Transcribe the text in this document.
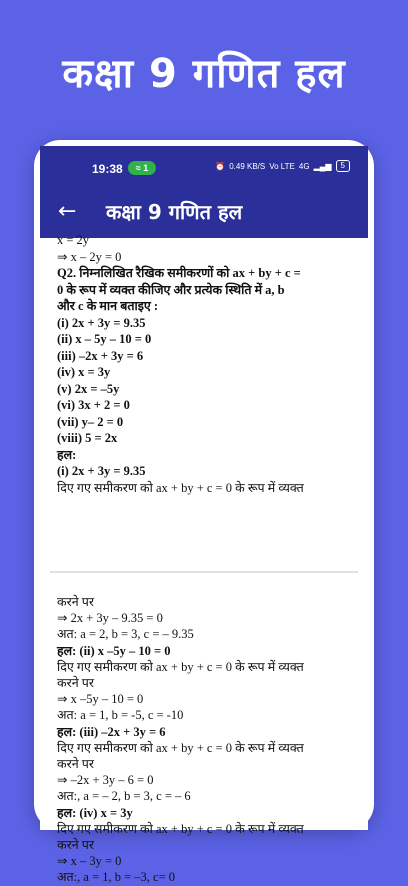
कक्षा 9 गणित हल
19:38	≈ 1	⏰ 0.49 KB/S Vo LTE 4G ▂▄▆	5
← कक्षा 9 गणित हल
x = 2y
⇒ x – 2y = 0
Q2. निम्नलिखित रैखिक समीकरणों को ax + by + c =
0 के रूप में व्यक्त कीजिए और प्रत्येक स्थिति में a, b
और c के मान बताइए :
(i) 2x + 3y = 9.35
(ii) x – 5y – 10 = 0
(iii) –2x + 3y = 6
(iv) x = 3y
(v) 2x = –5y
(vi) 3x + 2 = 0
(vii) y– 2 = 0
(viii) 5 = 2x
हल:
(i) 2x + 3y = 9.35
दिए गए समीकरण को ax + by + c = 0 के रूप में व्यक्त
करने पर
⇒ 2x + 3y – 9.35 = 0
अत: a = 2, b = 3, c = – 9.35
हल: (ii) x –5y – 10 = 0
दिए गए समीकरण को ax + by + c = 0 के रूप में व्यक्त
करने पर
⇒ x –5y – 10 = 0
अत: a = 1, b = -5, c = -10
हल: (iii) –2x + 3y = 6
दिए गए समीकरण को ax + by + c = 0 के रूप में व्यक्त
करने पर
⇒ –2x + 3y – 6 = 0
अत:, a = – 2, b = 3, c = – 6
हल: (iv) x = 3y
दिए गए समीकरण को ax + by + c = 0 के रूप में व्यक्त
करने पर
⇒ x – 3y = 0
अत:, a = 1, b = –3, c= 0
